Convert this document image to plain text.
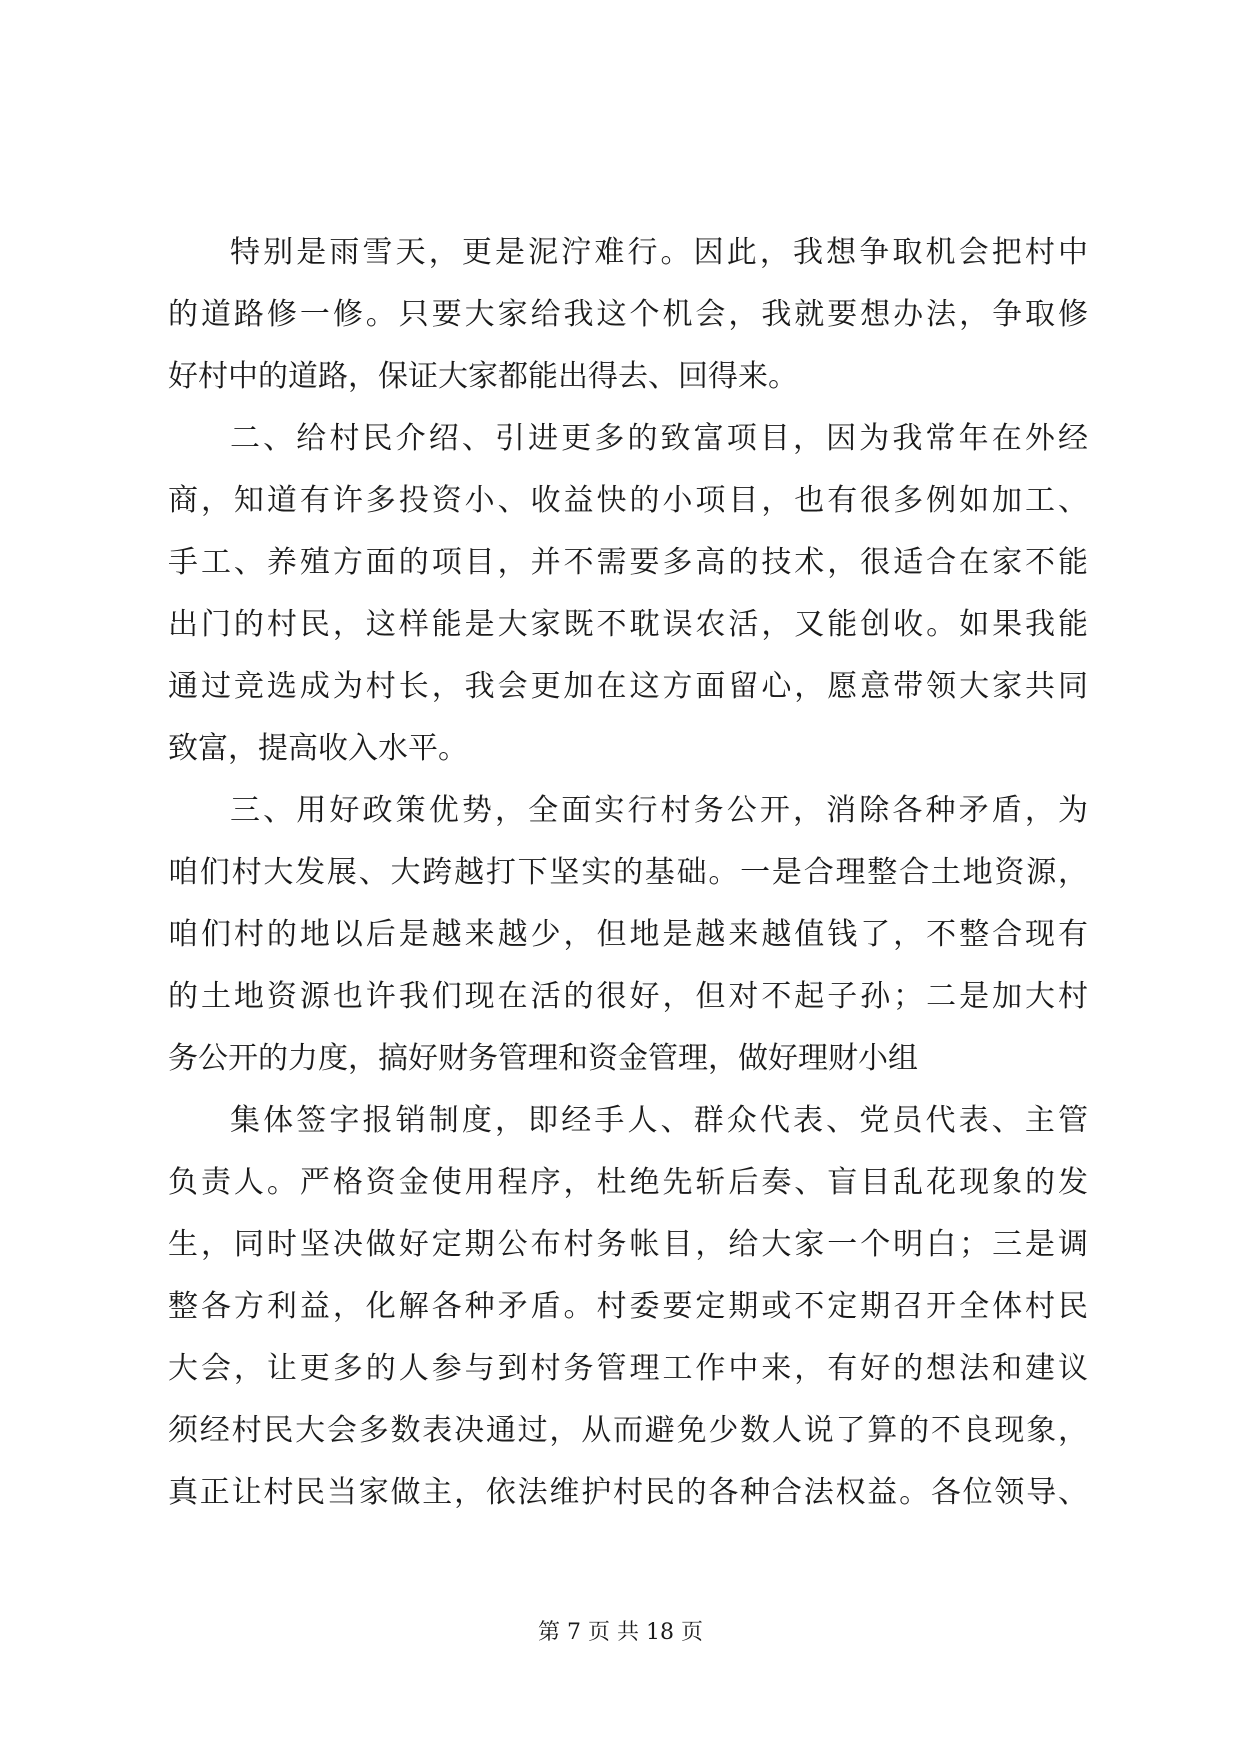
特别是雨雪天，更是泥泞难行。因此，我想争取机会把村中
的道路修一修。只要大家给我这个机会，我就要想办法，争取修
好村中的道路，保证大家都能出得去、回得来。
二、给村民介绍、引进更多的致富项目，因为我常年在外经
商，知道有许多投资小、收益快的小项目，也有很多例如加工、
手工、养殖方面的项目，并不需要多高的技术，很适合在家不能
出门的村民，这样能是大家既不耽误农活，又能创收。如果我能
通过竞选成为村长，我会更加在这方面留心，愿意带领大家共同
致富，提高收入水平。
三、用好政策优势，全面实行村务公开，消除各种矛盾，为
咱们村大发展、大跨越打下坚实的基础。一是合理整合土地资源，
咱们村的地以后是越来越少，但地是越来越值钱了，不整合现有
的土地资源也许我们现在活的很好，但对不起子孙；二是加大村
务公开的力度，搞好财务管理和资金管理，做好理财小组
集体签字报销制度，即经手人、群众代表、党员代表、主管
负责人。严格资金使用程序，杜绝先斩后奏、盲目乱花现象的发
生，同时坚决做好定期公布村务帐目，给大家一个明白；三是调
整各方利益，化解各种矛盾。村委要定期或不定期召开全体村民
大会，让更多的人参与到村务管理工作中来，有好的想法和建议
须经村民大会多数表决通过，从而避免少数人说了算的不良现象，
真正让村民当家做主，依法维护村民的各种合法权益。各位领导、
第 7 页 共 18 页
